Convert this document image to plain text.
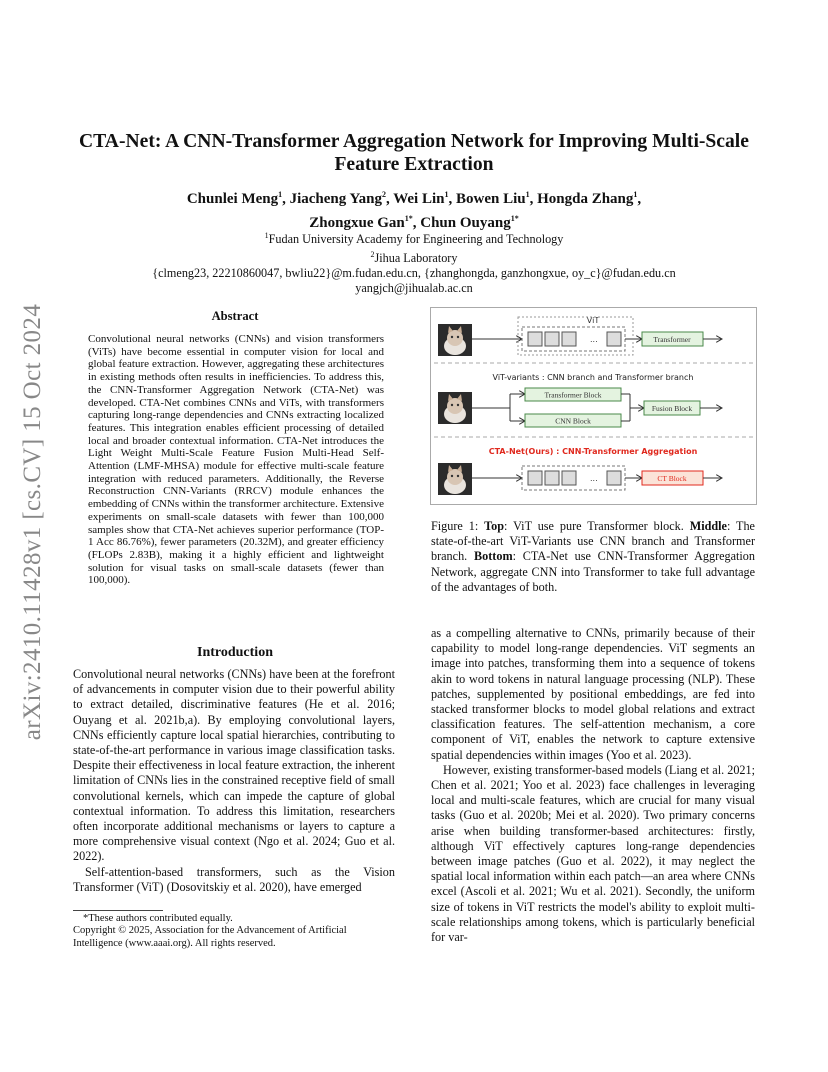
arXiv:2410.11428v1 [cs.CV] 15 Oct 2024
CTA-Net: A CNN-Transformer Aggregation Network for Improving Multi-Scale Feature Extraction
Chunlei Meng$^1$, Jiacheng Yang$^2$, Wei Lin$^1$, Bowen Liu$^1$, Hongda Zhang$^1$,
Zhongxue Gan$^{1*}$, Chun Ouyang$^{1*}$
$^1$Fudan University Academy for Engineering and Technology
$^2$Jihua Laboratory
{clmeng23, 22210860047, bwliu22}@m.fudan.edu.cn, {zhanghongda, ganzhongxue, oy_c}@fudan.edu.cn
yangjch@jihualab.ac.cn
Abstract
Convolutional neural networks (CNNs) and vision transformers (ViTs) have become essential in computer vision for local and global feature extraction. However, aggregating these architectures in existing methods often results in inefficiencies. To address this, the CNN-Transformer Aggregation Network (CTA-Net) was developed. CTA-Net combines CNNs and ViTs, with transformers capturing long-range dependencies and CNNs extracting localized features. This integration enables efficient processing of detailed local and broader contextual information. CTA-Net introduces the Light Weight Multi-Scale Feature Fusion Multi-Head Self-Attention (LMF-MHSA) module for effective multi-scale feature integration with reduced parameters. Additionally, the Reverse Reconstruction CNN-Variants (RRCV) module enhances the embedding of CNNs within the transformer architecture. Extensive experiments on small-scale datasets with fewer than 100,000 samples show that CTA-Net achieves superior performance (TOP-1 Acc 86.76%), fewer parameters (20.32M), and greater efficiency (FLOPs 2.83B), making it a highly efficient and lightweight solution for visual tasks on small-scale datasets (fewer than 100,000).
Introduction

Convolutional neural networks (CNNs) have been at the forefront of advancements in computer vision due to their powerful ability to extract detailed, discriminative features (He et al. 2016; Ouyang et al. 2021b,a). By employing convolutional layers, CNNs efficiently capture local spatial hierarchies, contributing to state-of-the-art performance in various image classification tasks. Despite their effectiveness in local feature extraction, the inherent limitation of CNNs lies in the constrained receptive field of small convolutional kernels, which can impede the capture of global contextual information. To address this limitation, researchers often incorporate additional mechanisms or layers to capture a more comprehensive visual context (Ngo et al. 2024; Guo et al. 2022).

Self-attention-based transformers, such as the Vision Transformer (ViT) (Dosovitskiy et al. 2020), have emerged

*These authors contributed equally.
Copyright © 2025, Association for the Advancement of Artificial Intelligence (www.aaai.org). All rights reserved.
ViT
...	Transformer
ViT-variants : CNN branch and Transformer branch
Transformer Block
CNN Block
Fusion Block
CTA-Net(Ours) : CNN-Transformer Aggregation
...	CT Block
Figure 1: Top: ViT use pure Transformer block. Middle: The state-of-the-art ViT-Variants use CNN branch and Transformer branch. Bottom: CTA-Net use CNN-Transformer Aggregation Network, aggregate CNN into Transformer to take full advantage of the advantages of both.

as a compelling alternative to CNNs, primarily because of their capability to model long-range dependencies. ViT segments an image into patches, transforming them into a sequence of tokens akin to word tokens in natural language processing (NLP). These patches, supplemented by positional embeddings, are fed into stacked transformer blocks to model global relations and extract classification features. The self-attention mechanism, a core component of ViT, enables the network to capture extensive spatial dependencies within images (Yoo et al. 2023).

However, existing transformer-based models (Liang et al. 2021; Chen et al. 2021; Yoo et al. 2023) face challenges in leveraging local and multi-scale features, which are crucial for many visual tasks (Guo et al. 2020b; Mei et al. 2020). Two primary concerns arise when building transformer-based architectures: firstly, although ViT effectively captures long-range dependencies between image patches (Guo et al. 2022), it may neglect the spatial local information within each patch—an area where CNNs excel (Ascoli et al. 2021; Wu et al. 2021). Secondly, the uniform size of tokens in ViT restricts the model's ability to exploit multi-scale relationships among tokens, which is particularly beneficial for var-
